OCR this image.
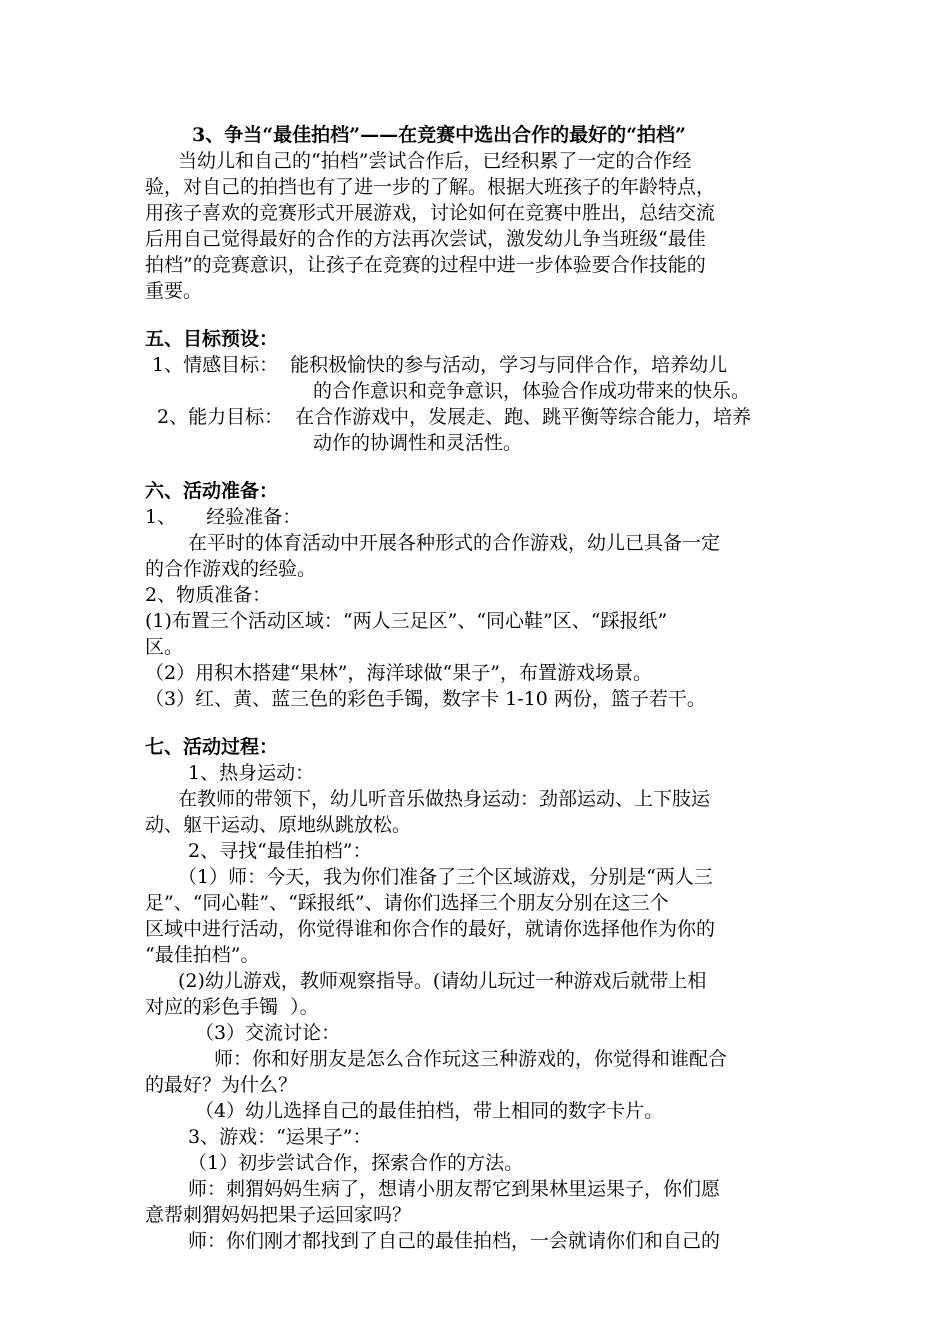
3、争当“最佳拍档”——在竞赛中选出合作的最好的“拍档”
当幼儿和自己的“拍档”尝试合作后，已经积累了一定的合作经
验，对自己的拍挡也有了进一步的了解。根据大班孩子的年龄特点，
用孩子喜欢的竞赛形式开展游戏，讨论如何在竞赛中胜出，总结交流
后用自己觉得最好的合作的方法再次尝试，激发幼儿争当班级“最佳
拍档”的竞赛意识，让孩子在竞赛的过程中进一步体验要合作技能的
重要。
五、目标预设：
1、情感目标：  能积极愉快的参与活动，学习与同伴合作，培养幼儿
的合作意识和竞争意识，体验合作成功带来的快乐。
2、能力目标：  在合作游戏中，发展走、跑、跳平衡等综合能力，培养
动作的协调性和灵活性。
六、活动准备：
1、     经验准备：
在平时的体育活动中开展各种形式的合作游戏，幼儿已具备一定
的合作游戏的经验。
2、物质准备：
(1)布置三个活动区域：“两人三足区”、“同心鞋”区、“踩报纸”
区。
（2）用积木搭建“果林”，海洋球做“果子”，布置游戏场景。
（3）红、黄、蓝三色的彩色手镯，数字卡 1-10 两份，篮子若干。
七、活动过程：
1、热身运动：
在教师的带领下，幼儿听音乐做热身运动：劲部运动、上下肢运
动、躯干运动、原地纵跳放松。
2、寻找“最佳拍档”：
（1）师：今天，我为你们准备了三个区域游戏，分别是“两人三
足”、“同心鞋”、“踩报纸”、请你们选择三个朋友分别在这三个
区域中进行活动，你觉得谁和你合作的最好，就请你选择他作为你的
“最佳拍档”。
(2)幼儿游戏，教师观察指导。(请幼儿玩过一种游戏后就带上相
对应的彩色手镯  ）。
（3）交流讨论：
师：你和好朋友是怎么合作玩这三种游戏的，你觉得和谁配合
的最好？为什么？
（4）幼儿选择自己的最佳拍档，带上相同的数字卡片。
3、游戏：“运果子”：
（1）初步尝试合作，探索合作的方法。
师：刺猬妈妈生病了，想请小朋友帮它到果林里运果子，你们愿
意帮刺猬妈妈把果子运回家吗？
师：你们刚才都找到了自己的最佳拍档，一会就请你们和自己的
